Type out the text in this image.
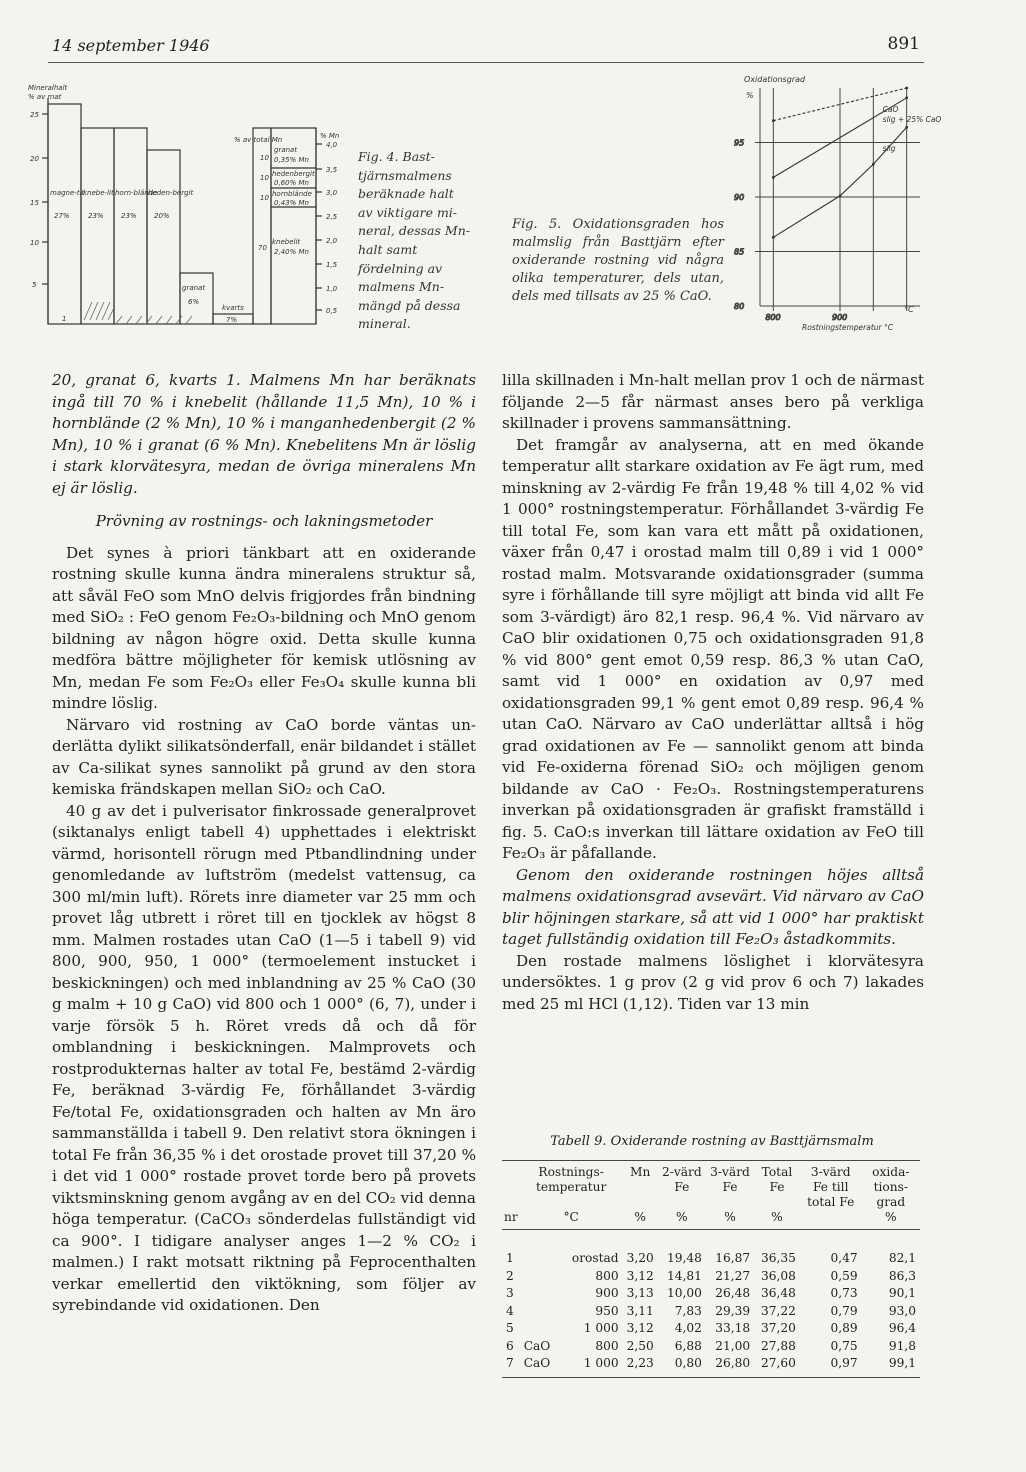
14 september 1946	891
Mineralhalt
% av mat
25
20
15
10
5
magne-tit
27%
knebe-lit
23%
horn-blände
23%
heden-bergit
20%
granat
6%
kvarts
1	7%
% av total Mn
granat
0,35% Mn
hedenbergit
0,60% Mn
hornblände
0,43% Mn
knebelit
2,40% Mn
10
10
10
70
% Mn
4,0
3,5
3,0
2,5
2,0
1,5
1,0
0,5
Fig. 4. Basttjärnsmalmens beräknade halt av viktigare mineral, dessas Mn-halt samt fördelning av malmens Mnmängd på dessa mineral.
Fig. 5. Oxidationsgraden hos malmslig från Basttjärn efter oxiderande rostning vid några olika temperaturer, dels utan, dels med tillsats av 25 % CaO.
Oxidationsgrad
%
°C
Rostningstemperatur °C
95
90
85
80
800	900
slig
slig + 25% CaO
CaO

20, granat 6, kvarts 1. Malmens Mn har beräknats ingå till 70 % i knebelit (hållande 11,5 Mn), 10 % i hornblände (2 % Mn), 10 % i manganhedenbergit (2 % Mn), 10 % i granat (6 % Mn). Knebelitens Mn är löslig i stark klorvätesyra, medan de övriga mineralens Mn ej är löslig.

Prövning av rostnings- och lakningsmetoder

Det synes à priori tänkbart att en oxiderande rostning skulle kunna ändra mineralens struktur så, att såväl FeO som MnO delvis frigjordes från bindning med SiO₂ : FeO genom Fe₂O₃-bildning och MnO genom bildning av någon högre oxid. Detta skulle kunna medföra bättre möjligheter för kemisk utlösning av Mn, medan Fe som Fe₂O₃ eller Fe₃O₄ skulle kunna bli mindre löslig.

Närvaro vid rostning av CaO borde väntas underlätta dylikt silikatsönderfall, enär bildandet i stället av Ca-silikat synes sannolikt på grund av den stora kemiska frändskapen mellan SiO₂ och CaO.

40 g av det i pulverisator finkrossade generalprovet (siktanalys enligt tabell 4) upphettades i elektriskt värmd, horisontell rörugn med Ptbandlindning under genomledande av luftström (medelst vattensug, ca 300 ml/min luft). Rörets inre diameter var 25 mm och provet låg utbrett i röret till en tjocklek av högst 8 mm. Malmen rostades utan CaO (1—5 i tabell 9) vid 800, 900, 950, 1 000° (termoelement instucket i beskickningen) och med inblandning av 25 % CaO (30 g malm + 10 g CaO) vid 800 och 1 000° (6, 7), under i varje försök 5 h. Röret vreds då och då för omblandning i beskickningen. Malmprovets och rostprodukternas halter av total Fe, bestämd 2-värdig Fe, beräknad 3-värdig Fe, förhållandet 3-värdig Fe/total Fe, oxidationsgraden och halten av Mn äro sammanställda i tabell 9. Den relativt stora ökningen i total Fe från 36,35 % i det orostade provet till 37,20 % i det vid 1 000° rostade provet torde bero på provets viktsminskning genom avgång av en del CO₂ vid denna höga temperatur. (CaCO₃ sönderdelas fullständigt vid ca 900°. I tidigare analyser anges 1—2 % CO₂ i malmen.) I rakt motsatt riktning på Feprocenthalten verkar emellertid den viktökning, som följer av syrebindande vid oxidationen. Den

lilla skillnaden i Mn-halt mellan prov 1 och de närmast följande 2—5 får närmast anses bero på verkliga skillnader i provens sammansättning.

Det framgår av analyserna, att en med ökande temperatur allt starkare oxidation av Fe ägt rum, med minskning av 2-värdig Fe från 19,48 % till 4,02 % vid 1 000° rostningstemperatur. Förhållandet 3-värdig Fe till total Fe, som kan vara ett mått på oxidationen, växer från 0,47 i orostad malm till 0,89 i vid 1 000° rostad malm. Motsvarande oxidationsgrader (summa syre i förhållande till syre möjligt att binda vid allt Fe som 3-värdigt) äro 82,1 resp. 96,4 %. Vid närvaro av CaO blir oxidationen 0,75 och oxidationsgraden 91,8 % vid 800° gent emot 0,59 resp. 86,3 % utan CaO, samt vid 1 000° en oxidation av 0,97 med oxidationsgraden 99,1 % gent emot 0,89 resp. 96,4 % utan CaO. Närvaro av CaO underlättar alltså i hög grad oxidationen av Fe — sannolikt genom att binda vid Fe-oxiderna förenad SiO₂ och möjligen genom bildande av CaO · Fe₂O₃. Rostningstemperaturens inverkan på oxidationsgraden är grafiskt framställd i fig. 5. CaO:s inverkan till lättare oxidation av FeO till Fe₂O₃ är påfallande.

Genom den oxiderande rostningen höjes alltså malmens oxidationsgrad avsevärt. Vid närvaro av CaO blir höjningen starkare, så att vid 1 000° har praktiskt taget fullständig oxidation till Fe₂O₃ åstadkommits.

Den rostade malmens löslighet i klorvätesyra undersöktes. 1 g prov (2 g vid prov 6 och 7) lakades med 25 ml HCl (1,12). Tiden var 13 min

Tabell 9. Oxiderande rostning av Basttjärnsmalm
	Rostnings-temperatur		Mn	2-värd Fe	3-värd Fe	Total Fe	3-värd Fe till total Fe	oxida-tions-grad
nr	°C		%	%	%	%		%
1		orostad	3,20	19,48	16,87	36,35	0,47	82,1
2		800	3,12	14,81	21,27	36,08	0,59	86,3
3		900	3,13	10,00	26,48	36,48	0,73	90,1
4		950	3,11	7,83	29,39	37,22	0,79	93,0
5		1 000	3,12	4,02	33,18	37,20	0,89	96,4
6	CaO	800	2,50	6,88	21,00	27,88	0,75	91,8
7	CaO	1 000	2,23	0,80	26,80	27,60	0,97	99,1
